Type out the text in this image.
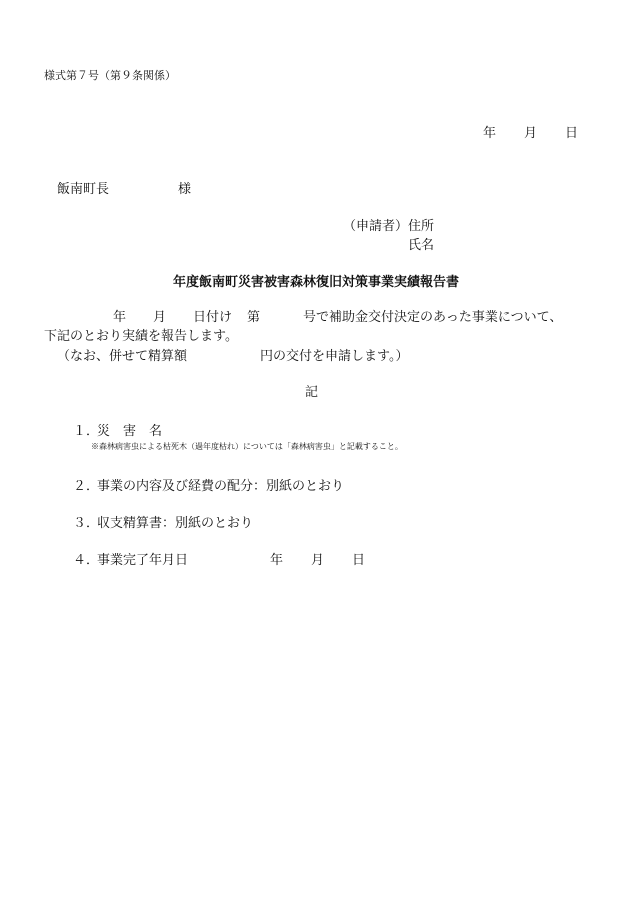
様式第７号（第９条関係）
年 月 日
飯南町長	様
（申請者） 住所
氏名
年度飯南町災害被害森林復旧対策事業実績報告書
年 月 日付け 第	号で補助金交付決定のあった事業について、
下記のとおり実績を報告します。
（なお、併せて精算額	円の交付を申請します。）
記
１．
災　害　名
※森林病害虫による枯死木（過年度枯れ）については「森林病害虫」と記載すること。
２．
事業の内容及び経費の配分：別紙のとおり
３．
収支精算書：別紙のとおり
４．
事業完了年月日	年 月 日
